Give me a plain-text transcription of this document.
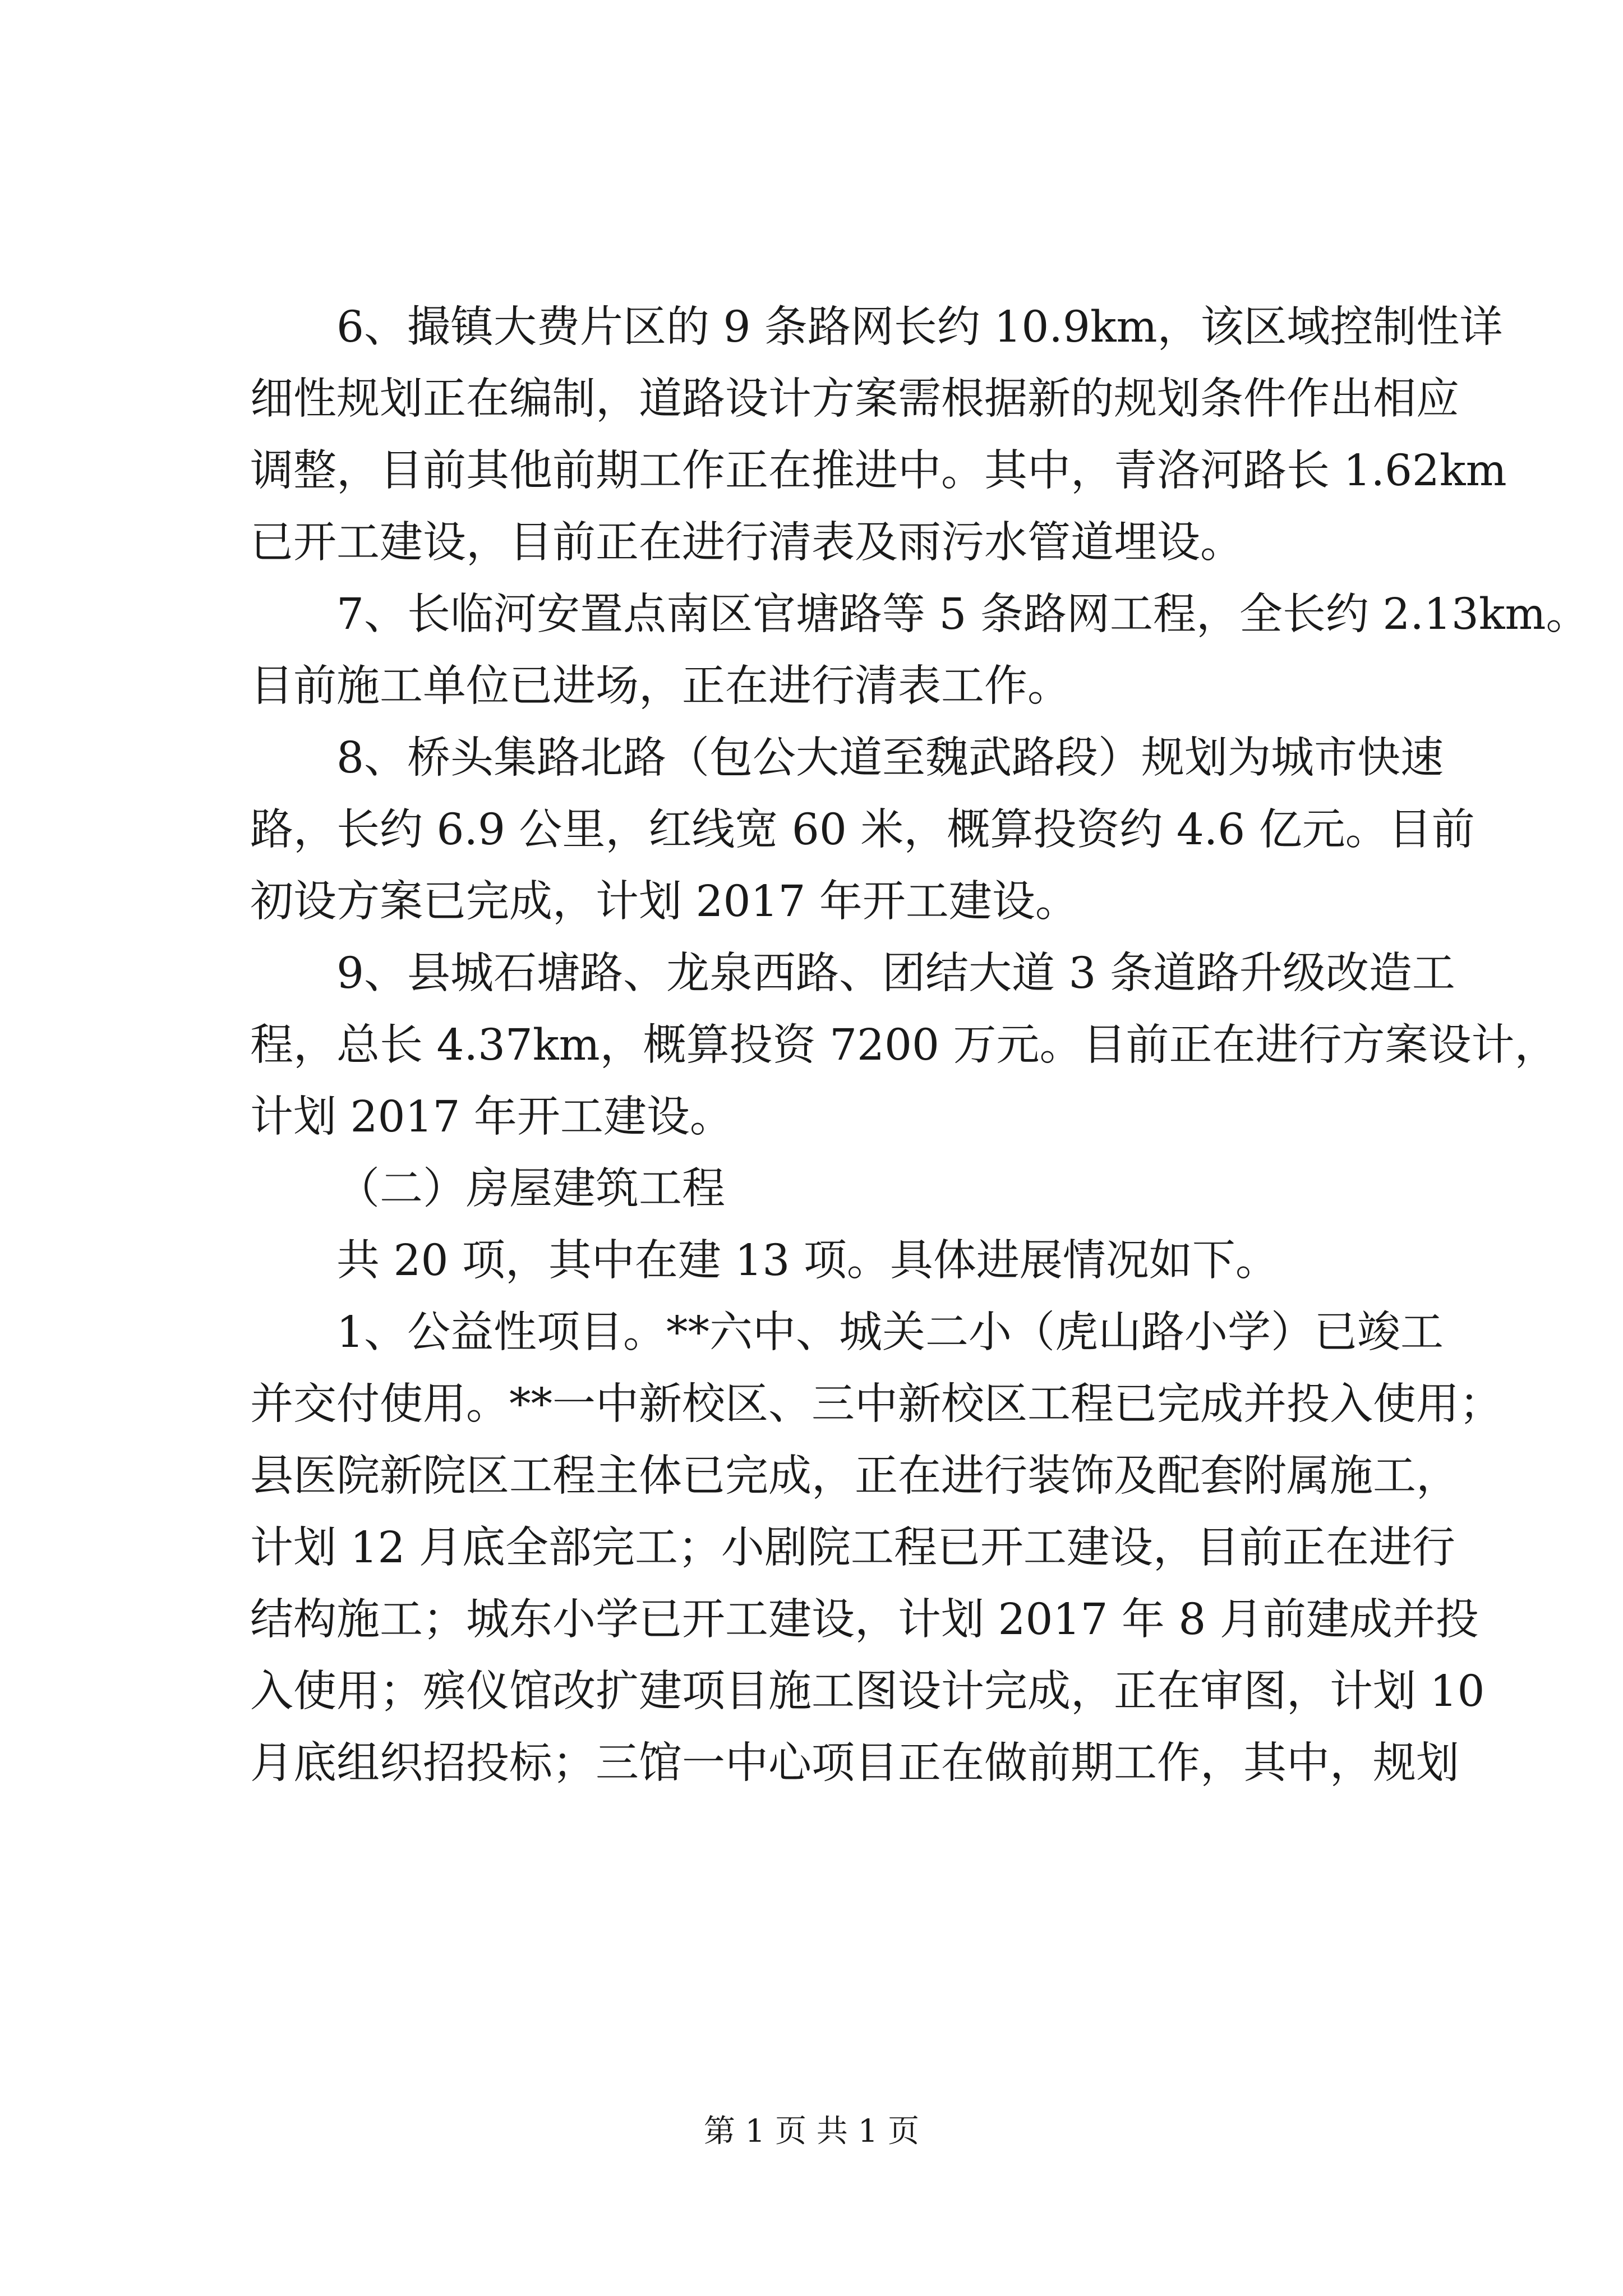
6、撮镇大费片区的 9 条路网长约 10.9km，该区域控制性详
细性规划正在编制，道路设计方案需根据新的规划条件作出相应
调整，目前其他前期工作正在推进中。其中，青洛河路长 1.62km
已开工建设，目前正在进行清表及雨污水管道埋设。
7、长临河安置点南区官塘路等 5 条路网工程，全长约 2.13km。
目前施工单位已进场，正在进行清表工作。
8、桥头集路北路（包公大道至魏武路段）规划为城市快速
路，长约 6.9 公里，红线宽 60 米，概算投资约 4.6 亿元。目前
初设方案已完成，计划 2017 年开工建设。
9、县城石塘路、龙泉西路、团结大道 3 条道路升级改造工
程，总长 4.37km，概算投资 7200 万元。目前正在进行方案设计，
计划 2017 年开工建设。
（二）房屋建筑工程
共 20 项，其中在建 13 项。具体进展情况如下。
1、公益性项目。**六中、城关二小（虎山路小学）已竣工
并交付使用。**一中新校区、三中新校区工程已完成并投入使用；
县医院新院区工程主体已完成，正在进行装饰及配套附属施工，
计划 12 月底全部完工；小剧院工程已开工建设，目前正在进行
结构施工；城东小学已开工建设，计划 2017 年 8 月前建成并投
入使用；殡仪馆改扩建项目施工图设计完成，正在审图，计划 10
月底组织招投标；三馆一中心项目正在做前期工作，其中，规划
第 1 页 共 1 页
